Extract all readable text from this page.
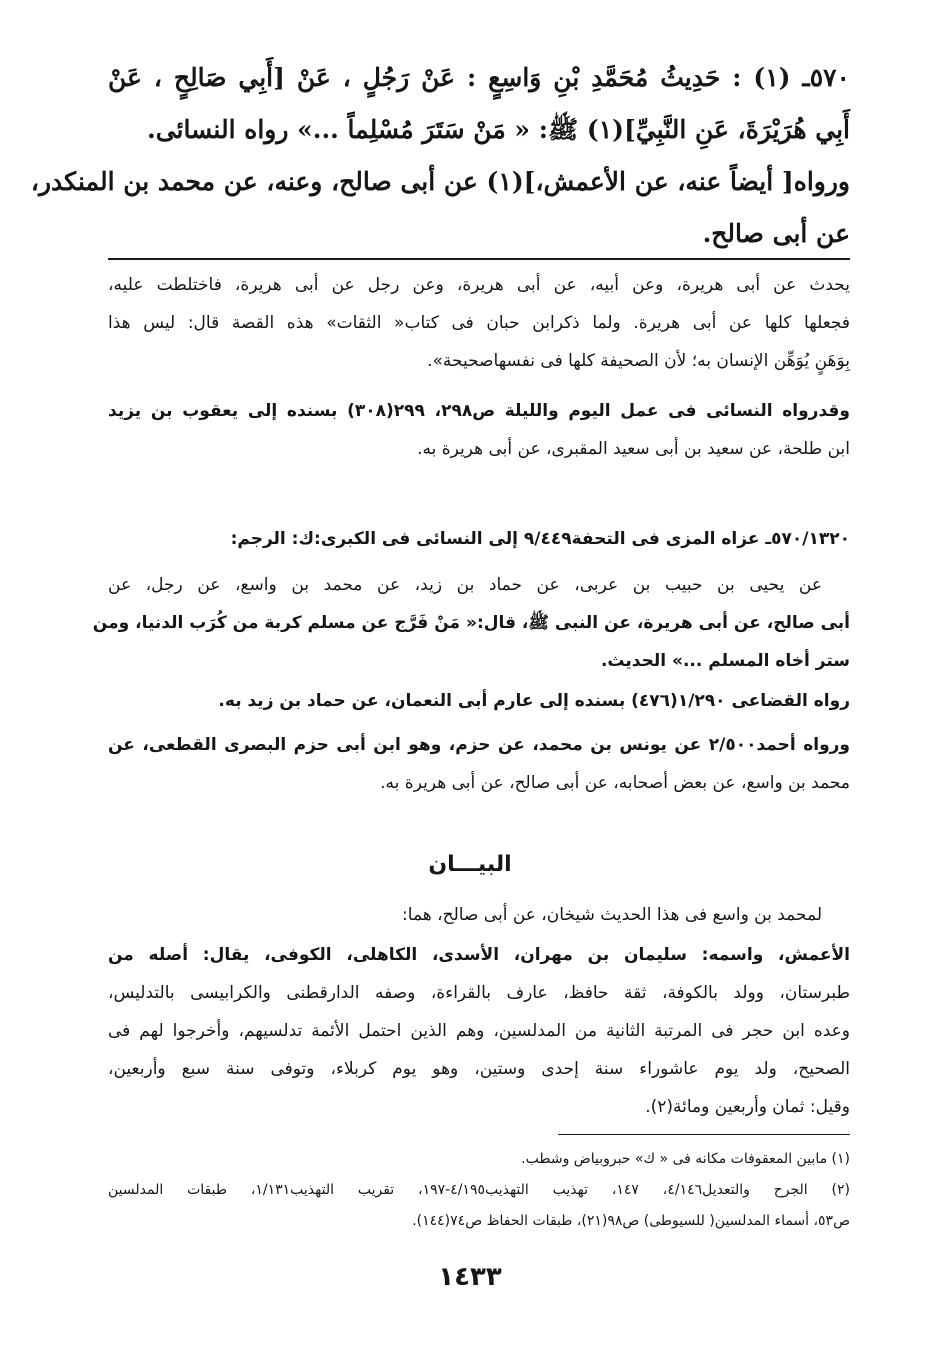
٥٧٠ـ (١) : حَدِيثُ مُحَمَّدِ بْنِ وَاسِعٍ : عَنْ رَجُلٍ ، عَنْ [أَبِي صَالِحٍ ، عَنْ
أَبِي هُرَيْرَةَ، عَنِ النَّبِيِّ](١) ﷺ: « مَنْ سَتَرَ مُسْلِماً ...» رواه النسائى.
ورواه[ أيضاً عنه، عن الأعمش،](١) عن أبى صالح، وعنه، عن محمد بن المنكدر،
عن أبى صالح.
يحدث عن أبى هريرة، وعن أبيه، عن أبى هريرة، وعن رجل عن أبى هريرة، فاختلطت عليه،
فجعلها كلها عن أبى هريرة. ولما ذكرابن حبان فى كتاب« الثقات» هذه القصة قال: ليس هذا
بِوَهَنٍ يُوَهِّن الإنسان به؛ لأن الصحيفة كلها فى نفسهاصحيحة».
وقدرواه النسائى فى عمل اليوم والليلة ص٢٩٨، ٢٩٩(٣٠٨) بسنده إلى يعقوب بن يزيد
ابن طلحة، عن سعيد بن أبى سعيد المقبرى، عن أبى هريرة به.
٥٧٠/١٣٢٠ـ عزاه المزى فى التحفة٩/٤٤٩ إلى النسائى فى الكبرى:ك: الرجم:
عن يحيى بن حبيب بن عربى، عن حماد بن زيد، عن محمد بن واسع، عن رجل، عن
أبى صالح، عن أبى هريرة، عن النبى ﷺ، قال:« مَنْ فَرَّج عن مسلم كربة من كُرَب الدنيا، ومن
ستر أخاه المسلم ...» الحديث.
رواه القضاعى ١/٢٩٠(٤٧٦) بسنده إلى عارم أبى النعمان، عن حماد بن زيد به.
ورواه أحمد٢/٥٠٠ عن يونس بن محمد، عن حزم، وهو ابن أبى حزم البصرى القطعى، عن
محمد بن واسع، عن بعض أصحابه، عن أبى صالح، عن أبى هريرة به.
البيـــان
لمحمد بن واسع فى هذا الحديث شيخان، عن أبى صالح، هما:
الأعمش، واسمه: سليمان بن مهران، الأسدى، الكاهلى، الكوفى، يقال: أصله من
طبرستان، وولد بالكوفة، ثقة حافظ، عارف بالقراءة، وصفه الدارقطنى والكرابيسى بالتدليس،
وعده ابن حجر فى المرتبة الثانية من المدلسين، وهم الذين احتمل الأئمة تدلسيهم، وأخرجوا لهم فى
الصحيح، ولد يوم عاشوراء سنة إحدى وستين، وهو يوم كربلاء، وتوفى سنة سبع وأربعين،
وقيل: ثمان وأربعين ومائة(٢).
(١) مابين المعقوفات مكانه فى « ك» حبروبياض وشطب.
(٢) الجرح والتعديل٤/١٤٦، ١٤٧، تهذيب التهذيب٤/١٩٥-١٩٧، تقريب التهذيب١/١٣١، طبقات المدلسين
ص٥٣، أسماء المدلسين( للسيوطى) ص٩٨(٢١)، طبقات الحفاظ ص٧٤(١٤٤).
١٤٣٣
